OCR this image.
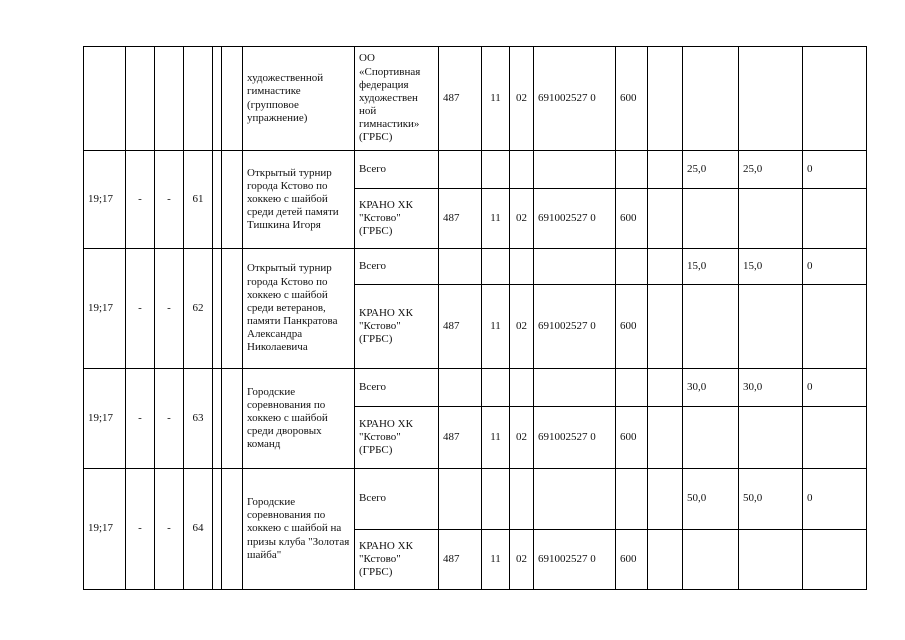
						художественной гимнастике (групповое упражнение)	ОО «Спортивная федерация художествен ной гимнастики» (ГРБС)	487	11	02	691002527 0	600				
19;17	-	-	61			Открытый турнир города Кстово по хоккею с шайбой среди детей памяти Тишкина Игоря	Всего							25,0	25,0	0
							КРАНО ХК "Кстово" (ГРБС)	487	11	02	691002527 0	600				
19;17	-	-	62			Открытый турнир города Кстово по хоккею с шайбой среди ветеранов, памяти Панкратова Александра Николаевича	Всего							15,0	15,0	0
							КРАНО ХК "Кстово" (ГРБС)	487	11	02	691002527 0	600				
19;17	-	-	63			Городские соревнования по хоккею с шайбой среди дворовых команд	Всего							30,0	30,0	0
							КРАНО ХК "Кстово" (ГРБС)	487	11	02	691002527 0	600				
19;17	-	-	64			Городские соревнования по хоккею с шайбой на призы клуба "Золотая шайба"	Всего							50,0	50,0	0
							КРАНО ХК "Кстово" (ГРБС)	487	11	02	691002527 0	600				
